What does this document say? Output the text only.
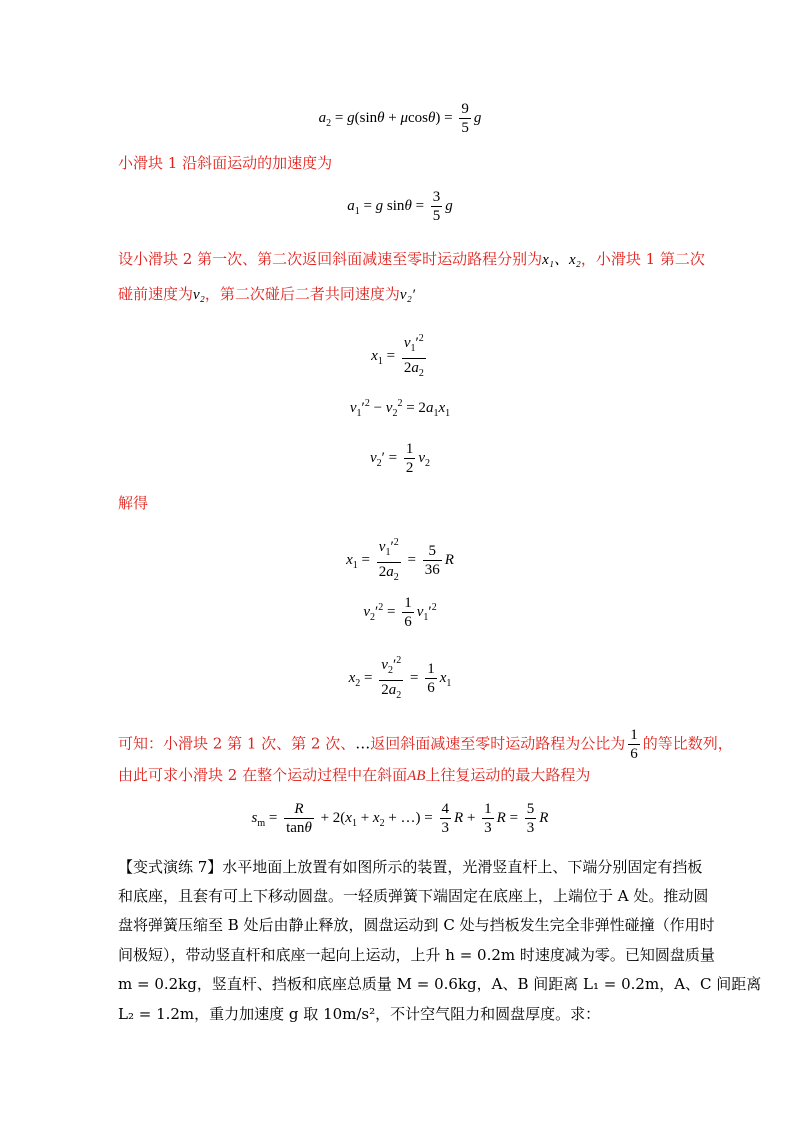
$a_2 = g(\sin\theta + \mu\cos\theta) = \frac{9}{5}$ g
小滑块 1 沿斜面运动的加速度为
$a_1 = g$ $\sin\theta = \frac{3}{5}$ g
设小滑块 2 第一次、第二次返回斜面减速至零时运动路程分别为x₁、x₂，小滑块 1 第二次
碰前速度为v₂，第二次碰后二者共同速度为v₂′
$x_1 = \frac{v_1'^2}{2a_2}$
$v_1'^2 - v_2^2 = 2a_1x_1$
$v_2' = \frac{1}{2} v_2$
解得
$x_1 = \frac{v_1'^2}{2a_2} = \frac{5}{36}$ R
$v_2'^2 = \frac{1}{6} v_1'^2$
$x_2 = \frac{v_2'^2}{2a_2} = \frac{1}{6} x_1$
可知：小滑块 2 第 1 次、第 2 次、…返回斜面减速至零时运动路程为公比为 $\frac{1}{6}$ 的等比数列，
由此可求小滑块 2 在整个运动过程中在斜面AB上往复运动的最大路程为
$s_m = \frac{R}{\tan\theta} + 2(x_1 + x_2$ + …) = $\frac{4}{3}$ $R + \frac{1}{3}$ $R = \frac{5}{3}$ R
【变式演练 7】水平地面上放置有如图所示的装置，光滑竖直杆上、下端分别固定有挡板
和底座，且套有可上下移动圆盘。一轻质弹簧下端固定在底座上，上端位于 A 处。推动圆
盘将弹簧压缩至 B 处后由静止释放，圆盘运动到 C 处与挡板发生完全非弹性碰撞（作用时
间极短），带动竖直杆和底座一起向上运动，上升 h = 0.2m 时速度减为零。已知圆盘质量
m = 0.2kg，竖直杆、挡板和底座总质量 M = 0.6kg，A、B 间距离 L₁ = 0.2m，A、C 间距离
L₂ = 1.2m，重力加速度 g 取 10m/s²，不计空气阻力和圆盘厚度。求：
